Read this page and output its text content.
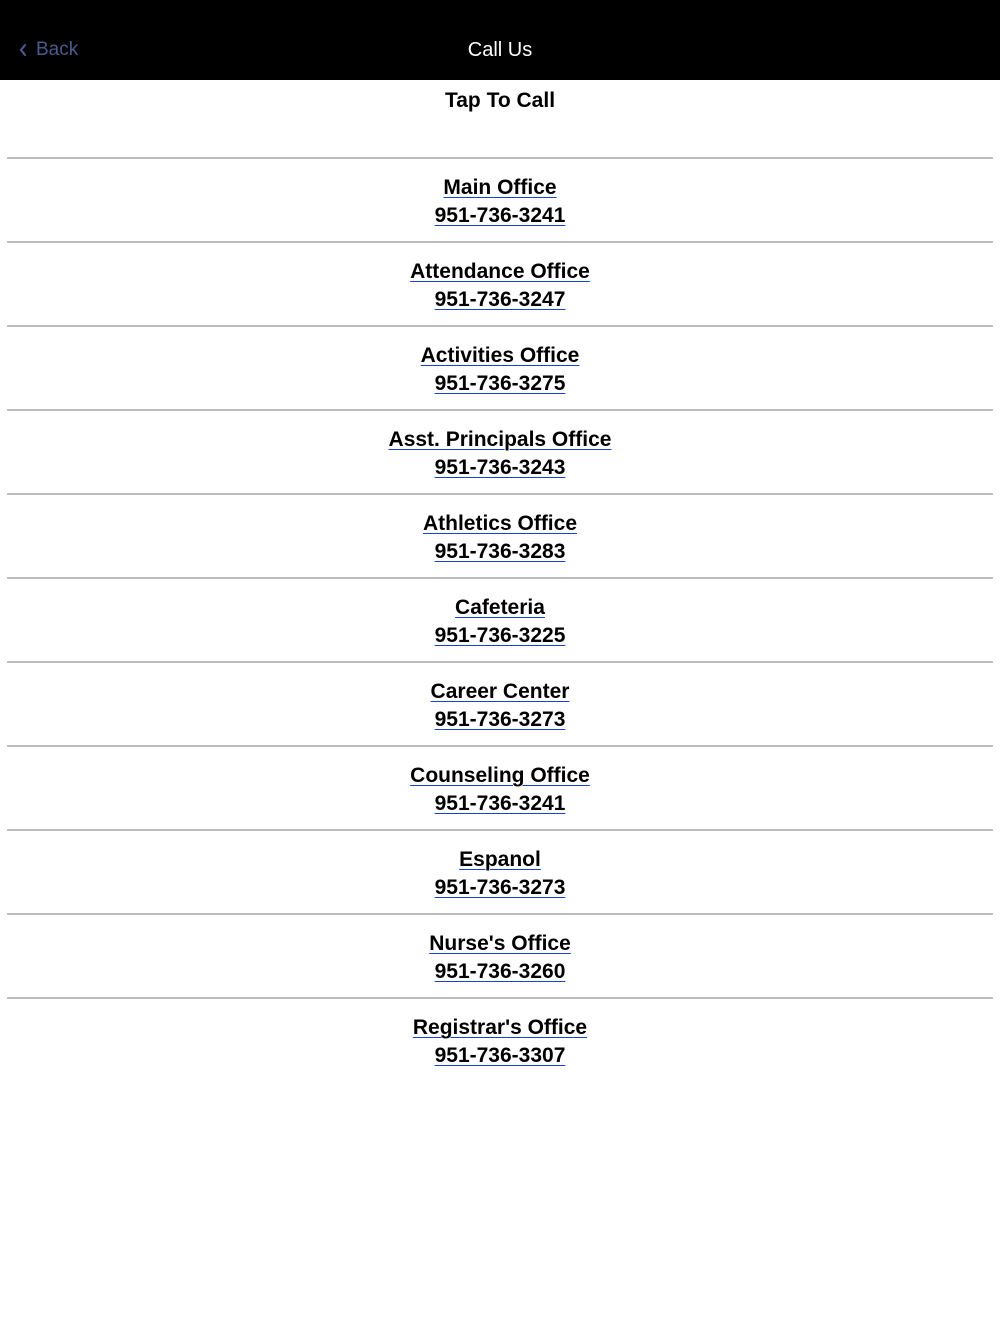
Back	Call Us
Tap To Call
Main Office
951-736-3241
Attendance Office
951-736-3247
Activities Office
951-736-3275
Asst. Principals Office
951-736-3243
Athletics Office
951-736-3283
Cafeteria
951-736-3225
Career Center
951-736-3273
Counseling Office
951-736-3241
Espanol
951-736-3273
Nurse's Office
951-736-3260
Registrar's Office
951-736-3307
